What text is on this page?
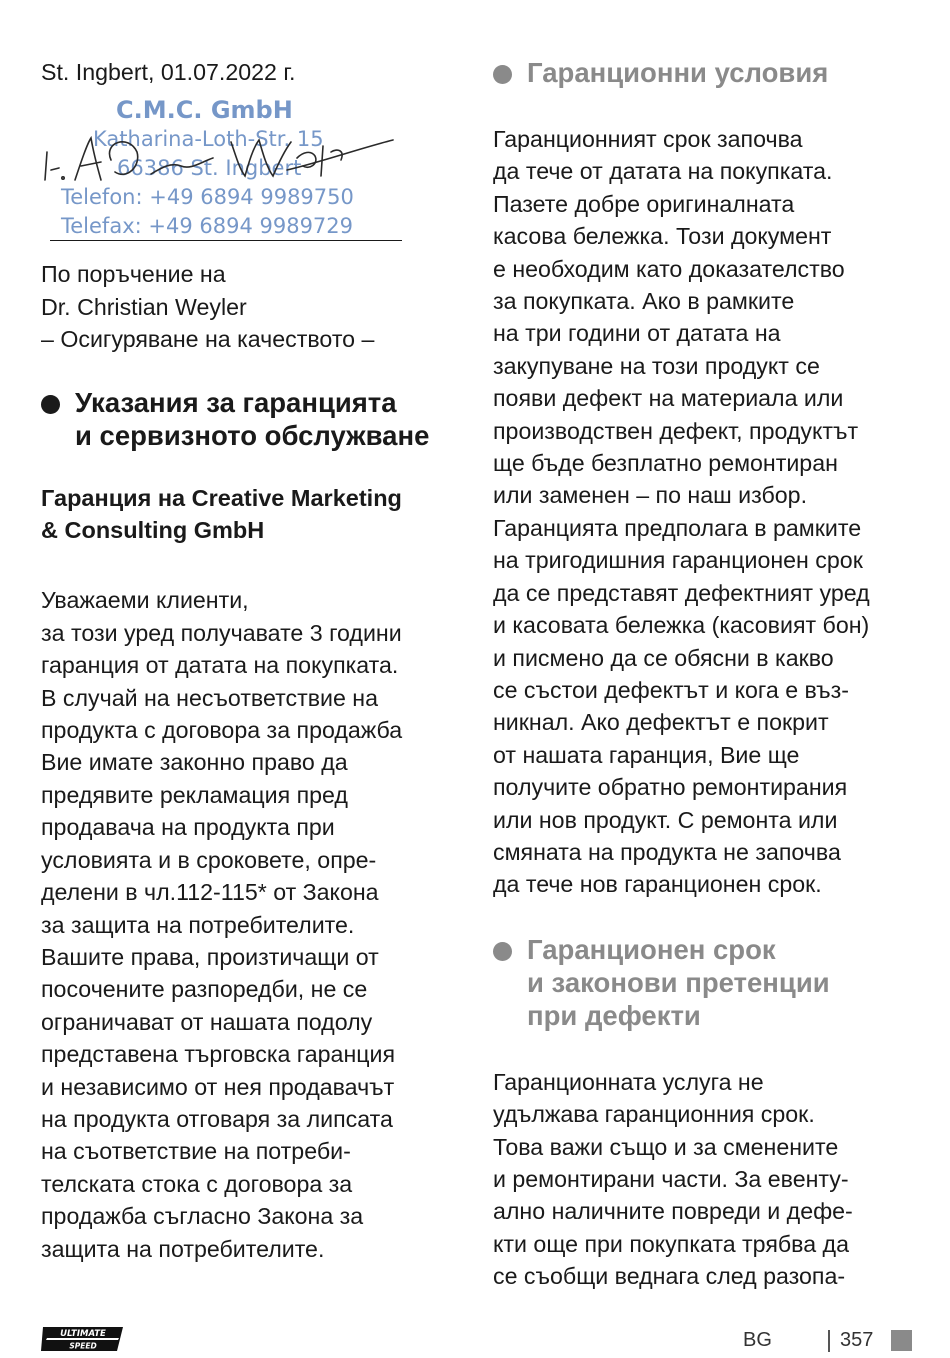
St. Ingbert, 01.07.2022 г.

C.M.C. GmbH
Katharina-Loth-Str. 15
66386 St. Ingbert
Telefon: +49 6894 9989750
Telefax: +49 6894 9989729

По поръчение на
Dr. Christian Weyler
– Осигуряване на качеството –

Указания за гаранцията
и сервизното обслужване
Гаранция на Creative Marketing
& Consulting GmbH

Уважаеми клиенти,
за този уред получавате 3 години
гаранция от датата на покупката.
В случай на несъответствие на
продукта с договора за продажба
Вие имате законно право да
предявите рекламация пред
продавача на продукта при
условията и в сроковете, опре-
делени в чл.112-115* от Закона
за защита на потребителите.
Вашите права, произтичащи от
посочените разпоредби, не се
ограничават от нашата подолу
представена търговска гаранция
и независимо от нея продавачът
на продукта отговаря за липсата
на съответствие на потреби-
телската стока с договора за
продажба съгласно Закона за
защита на потребителите.

Гаранционни условия

Гаранционният срок започва
да тече от датата на покупката.
Пазете добре оригиналната
касова бележка. Този документ
е необходим като доказателство
за покупката. Ако в рамките
на три години от датата на
закупуване на този продукт се
появи дефект на материала или
производствен дефект, продуктът
ще бъде безплатно ремонтиран
или заменен – по наш избор.
Гаранцията предполага в рамките
на тригодишния гаранционен срок
да се представят дефектният уред
и касовата бележка (касовият бон)
и писмено да се обясни в какво
се състои дефектът и кога е въз-
никнал. Ако дефектът е покрит
от нашата гаранция, Вие ще
получите обратно ремонтирания
или нов продукт. С ремонта или
смяната на продукта не започва
да тече нов гаранционен срок.

Гаранционен срок
и законови претенции
при дефекти

Гаранционната услуга не
удължава гаранционния срок.
Това важи също и за сменените
и ремонтирани части. За евенту-
ално наличните повреди и дефе-
кти още при покупката трябва да
се съобщи веднага след разопа-

ULTIMATE
SPEED	BG	357
